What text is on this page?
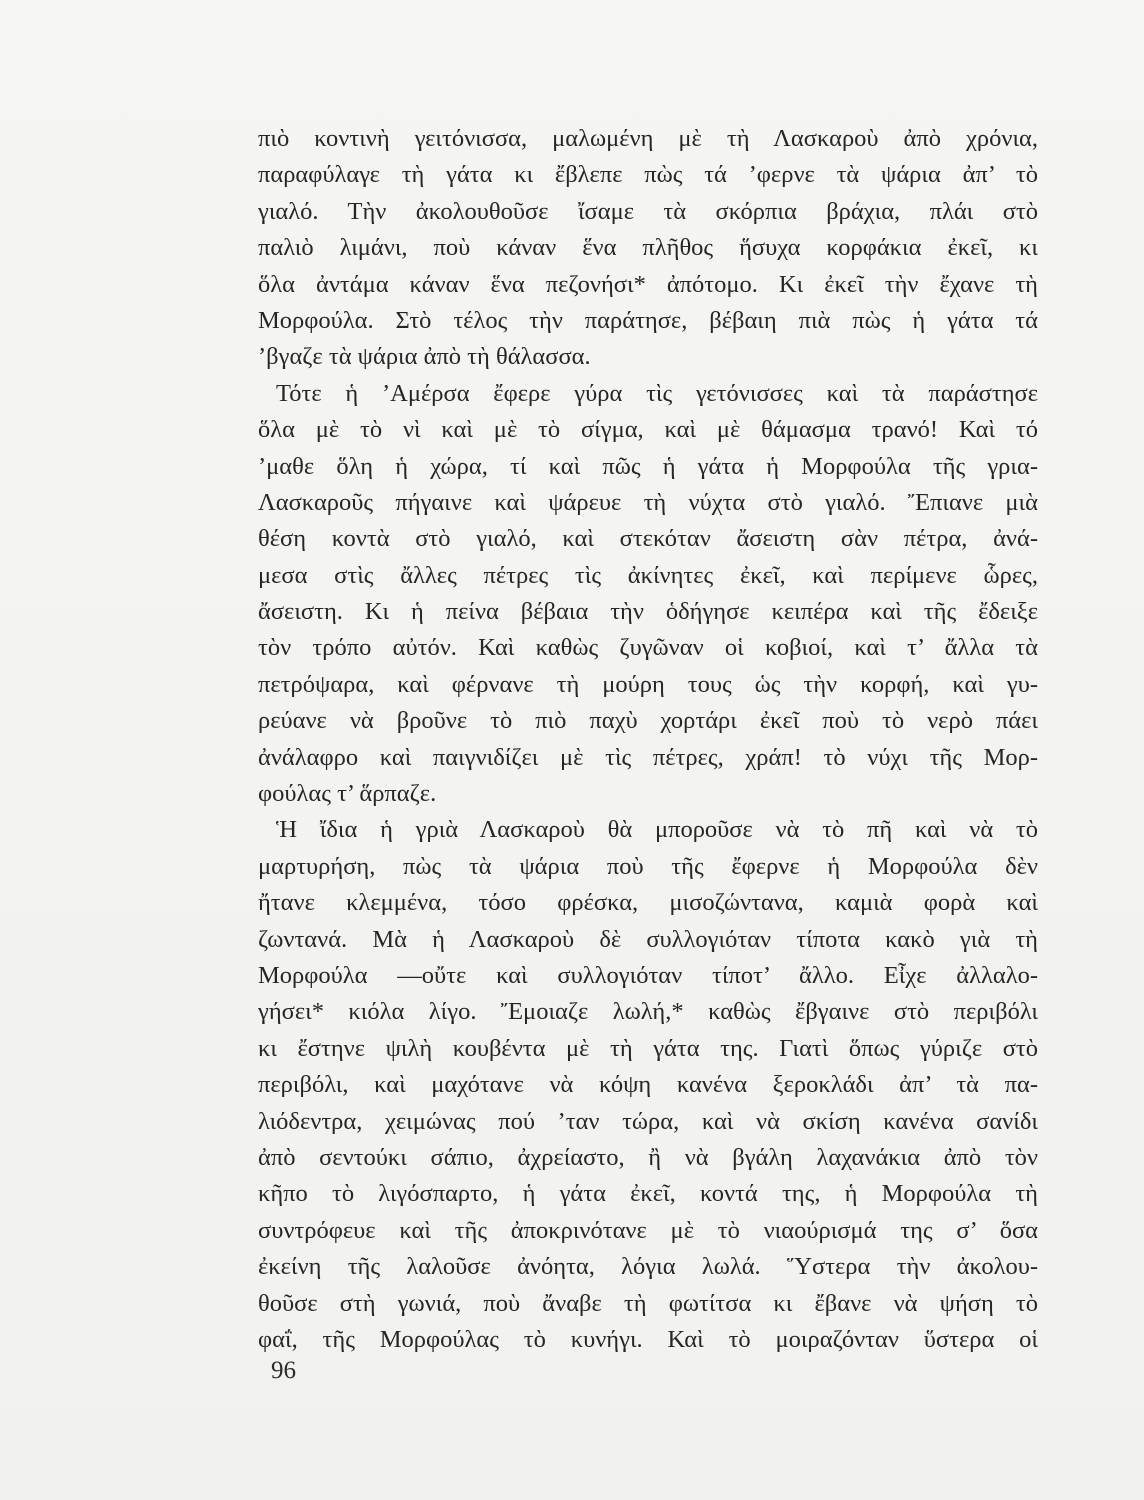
πιὸ κοντινὴ γειτόνισσα, μαλωμένη μὲ τὴ Λασκαροὺ ἀπὸ χρόνια,
παραφύλαγε τὴ γάτα κι ἔβλεπε πὼς τά ’φερνε τὰ ψάρια ἀπ’ τὸ
γιαλό. Τὴν ἀκολουθοῦσε ἴσαμε τὰ σκόρπια βράχια, πλάι στὸ
παλιὸ λιμάνι, ποὺ κάναν ἕνα πλῆθος ἥσυχα κορφάκια ἐκεῖ, κι
ὅλα ἀντάμα κάναν ἕνα πεζονήσι* ἀπότομο. Κι ἐκεῖ τὴν ἔχανε τὴ
Μορφούλα. Στὸ τέλος τὴν παράτησε, βέβαιη πιὰ πὼς ἡ γάτα τά
’βγαζε τὰ ψάρια ἀπὸ τὴ θάλασσα.
Τότε ἡ ’Αμέρσα ἔφερε γύρα τὶς γετόνισσες καὶ τὰ παράστησε
ὅλα μὲ τὸ νὶ καὶ μὲ τὸ σίγμα, καὶ μὲ θάμασμα τρανό! Καὶ τό
’μαθε ὅλη ἡ χώρα, τί καὶ πῶς ἡ γάτα ἡ Μορφούλα τῆς γρια-
Λασκαροῦς πήγαινε καὶ ψάρευε τὴ νύχτα στὸ γιαλό. Ἔπιανε μιὰ
θέση κοντὰ στὸ γιαλό, καὶ στεκόταν ἄσειστη σὰν πέτρα, ἀνά-
μεσα στὶς ἄλλες πέτρες τὶς ἀκίνητες ἐκεῖ, καὶ περίμενε ὧρες,
ἄσειστη. Κι ἡ πείνα βέβαια τὴν ὁδήγησε κειπέρα καὶ τῆς ἔδειξε
τὸν τρόπο αὐτόν. Καὶ καθὼς ζυγῶναν οἱ κοβιοί, καὶ τ’ ἄλλα τὰ
πετρόψαρα, καὶ φέρνανε τὴ μούρη τους ὡς τὴν κορφή, καὶ γυ-
ρεύανε νὰ βροῦνε τὸ πιὸ παχὺ χορτάρι ἐκεῖ ποὺ τὸ νερὸ πάει
ἀνάλαφρο καὶ παιγνιδίζει μὲ τὶς πέτρες, χράπ! τὸ νύχι τῆς Μορ-
φούλας τ’ ἅρπαζε.
Ἡ ἴδια ἡ γριὰ Λασκαροὺ θὰ μποροῦσε νὰ τὸ πῆ καὶ νὰ τὸ
μαρτυρήση, πὼς τὰ ψάρια ποὺ τῆς ἔφερνε ἡ Μορφούλα δὲν
ἤτανε κλεμμένα, τόσο φρέσκα, μισοζώντανα, καμιὰ φορὰ καὶ
ζωντανά. Μὰ ἡ Λασκαροὺ δὲ συλλογιόταν τίποτα κακὸ γιὰ τὴ
Μορφούλα —οὔτε καὶ συλλογιόταν τίποτ’ ἄλλο. Εἶχε ἀλλαλο-
γήσει* κιόλα λίγο. Ἔμοιαζε λωλή,* καθὼς ἔβγαινε στὸ περιβόλι
κι ἔστηνε ψιλὴ κουβέντα μὲ τὴ γάτα της. Γιατὶ ὅπως γύριζε στὸ
περιβόλι, καὶ μαχότανε νὰ κόψη κανένα ξεροκλάδι ἀπ’ τὰ πα-
λιόδεντρα, χειμώνας πού ’ταν τώρα, καὶ νὰ σκίση κανένα σανίδι
ἀπὸ σεντούκι σάπιο, ἀχρείαστο, ἢ νὰ βγάλη λαχανάκια ἀπὸ τὸν
κῆπο τὸ λιγόσπαρτο, ἡ γάτα ἐκεῖ, κοντά της, ἡ Μορφούλα τὴ
συντρόφευε καὶ τῆς ἀποκρινότανε μὲ τὸ νιαούρισμά της σ’ ὅσα
ἐκείνη τῆς λαλοῦσε ἀνόητα, λόγια λωλά. Ὕστερα τὴν ἀκολου-
θοῦσε στὴ γωνιά, ποὺ ἄναβε τὴ φωτίτσα κι ἔβανε νὰ ψήση τὸ
φαΐ, τῆς Μορφούλας τὸ κυνήγι. Καὶ τὸ μοιραζόνταν ὕστερα οἱ
96
